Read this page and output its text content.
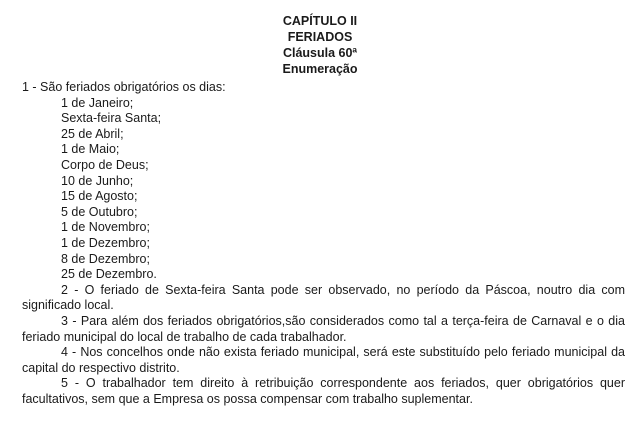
CAPÍTULO II
FERIADOS
Cláusula 60ª
Enumeração
1 - São feriados obrigatórios os dias:
1 de Janeiro;
Sexta-feira Santa;
25 de Abril;
1 de Maio;
Corpo de Deus;
10 de Junho;
15 de Agosto;
5 de Outubro;
1 de Novembro;
1 de Dezembro;
8 de Dezembro;
25 de Dezembro.
2 - O feriado de Sexta-feira Santa pode ser observado, no período da Páscoa, noutro dia com significado local.
3 - Para além dos feriados obrigatórios,são considerados como tal a terça-feira de Carnaval e o dia feriado municipal do local de trabalho de cada trabalhador.
4 - Nos concelhos onde não exista feriado municipal, será este substituído pelo feriado municipal da capital do respectivo distrito.
5 - O trabalhador tem direito à retribuição correspondente aos feriados, quer obrigatórios quer facultativos, sem que a Empresa os possa compensar com trabalho suplementar.
